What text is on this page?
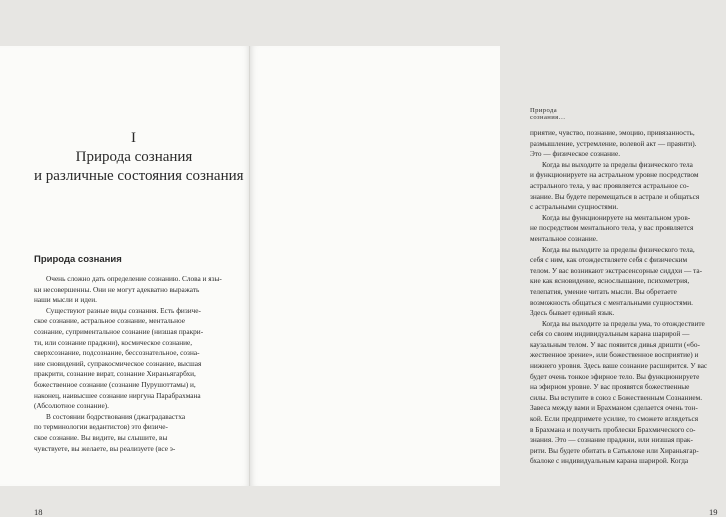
I
Природа сознания
и различные состояния сознания
Природа сознания

Очень сложно дать определение сознанию. Слова и язы-
ки несовершенны. Они не могут адекватно выражать
наши мысли и идеи.

Существуют разные виды сознания. Есть физиче-
ское сознание, астральное сознание, ментальное
сознание, суприментальное сознание (низшая пракри-
ти, или сознание праджни), космическое сознание,
сверхсознание, подсознание, бессознательное, созна-
ние сновидений, супракосмическое сознание, высшая
пракрити, сознание вират, сознание Хираньягарбхи,
божественное сознание (сознание Пурушоттамы) и,
наконец, наивысшее сознание ниргуна Парабрахмана
(Абсолютное сознание).

В состоянии бодрствования (джаградавастха
по терминологии ведантистов) это физиче-
ское сознание. Вы видите, вы слышите, вы
чувствуете, вы желаете, вы реализуете (все э-

18
Природа сознания…

приятие, чувство, познание, эмоцию, привязанность,
размышление, устремление, волевой акт — праянти).
Это — физическое сознание.

Когда вы выходите за пределы физического тела
и функционируете на астральном уровне посредством
астрального тела, у вас проявляется астральное со-
знание. Вы будете перемещаться в астрале и общаться
с астральными сущностями.

Когда вы функционируете на ментальном уров-
не посредством ментального тела, у вас проявляется
ментальное сознание.

Когда вы выходите за пределы физического тела,
себя с ним, как отождествляете себя с физическим
телом. У вас возникают экстрасенсорные сиддхи — та-
кие как ясновидение, яснослышание, психометрия,
телепатия, умение читать мысли. Вы обретаете
возможность общаться с ментальными сущностями.
Здесь бывает единый язык.

Когда вы выходите за пределы ума, то отождествите
себя со своим индивидуальным карана шарирой —
каузальным телом. У вас появится дивья дришти («бо-
жественное зрение», или божественное восприятие) и
нижнего уровня. Здесь ваше сознание расширится. У вас
будет очень тонкое эфирное тело. Вы функционируете
на эфирном уровне. У вас проявятся божественные
силы. Вы вступите в союз с Божественным Сознанием.
Завеса между вами и Брахманом сделается очень тон-
кой. Если предпримете усилие, то сможете вглядеться
в Брахмана и получить проблески Брахмического со-
знания. Это — сознание праджни, или низшая прак-
рити. Вы будете обитать в Сатьялоке или Хираньягар-
бхалоке с индивидуальным карана шарирой. Когда

19
